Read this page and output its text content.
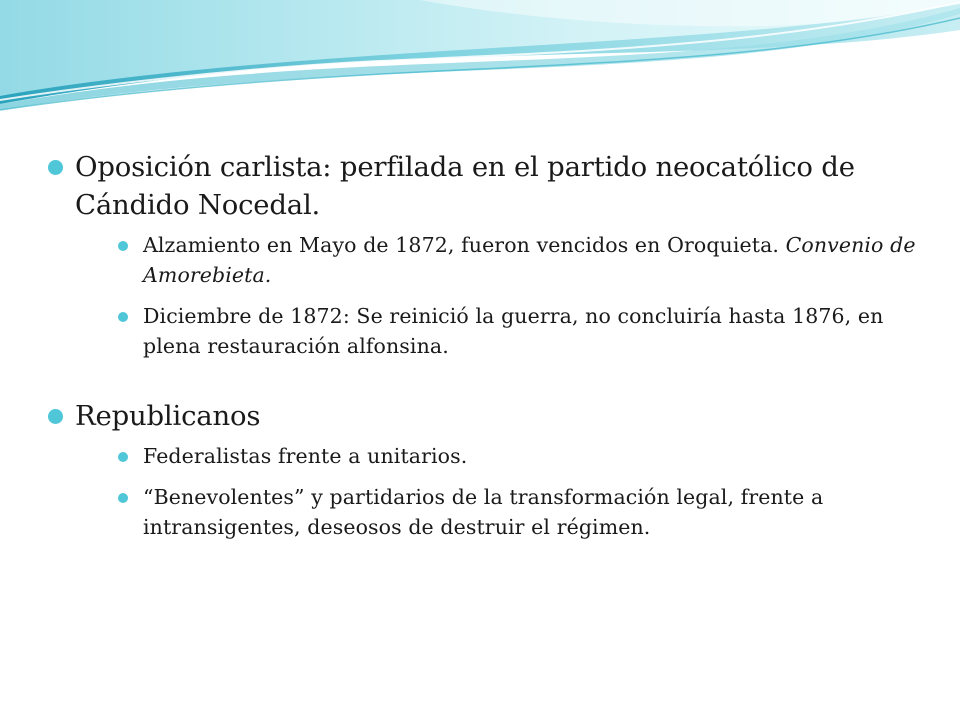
Oposición carlista: perfilada en el partido neocatólico de Cándido Nocedal.
Alzamiento en Mayo de 1872, fueron vencidos en Oroquieta. Convenio de Amorebieta.
Diciembre de 1872: Se reinició la guerra, no concluiría hasta 1876, en plena restauración alfonsina.
Republicanos
Federalistas frente a unitarios.
“Benevolentes” y partidarios de la transformación legal, frente a intransigentes, deseosos de destruir el régimen.
